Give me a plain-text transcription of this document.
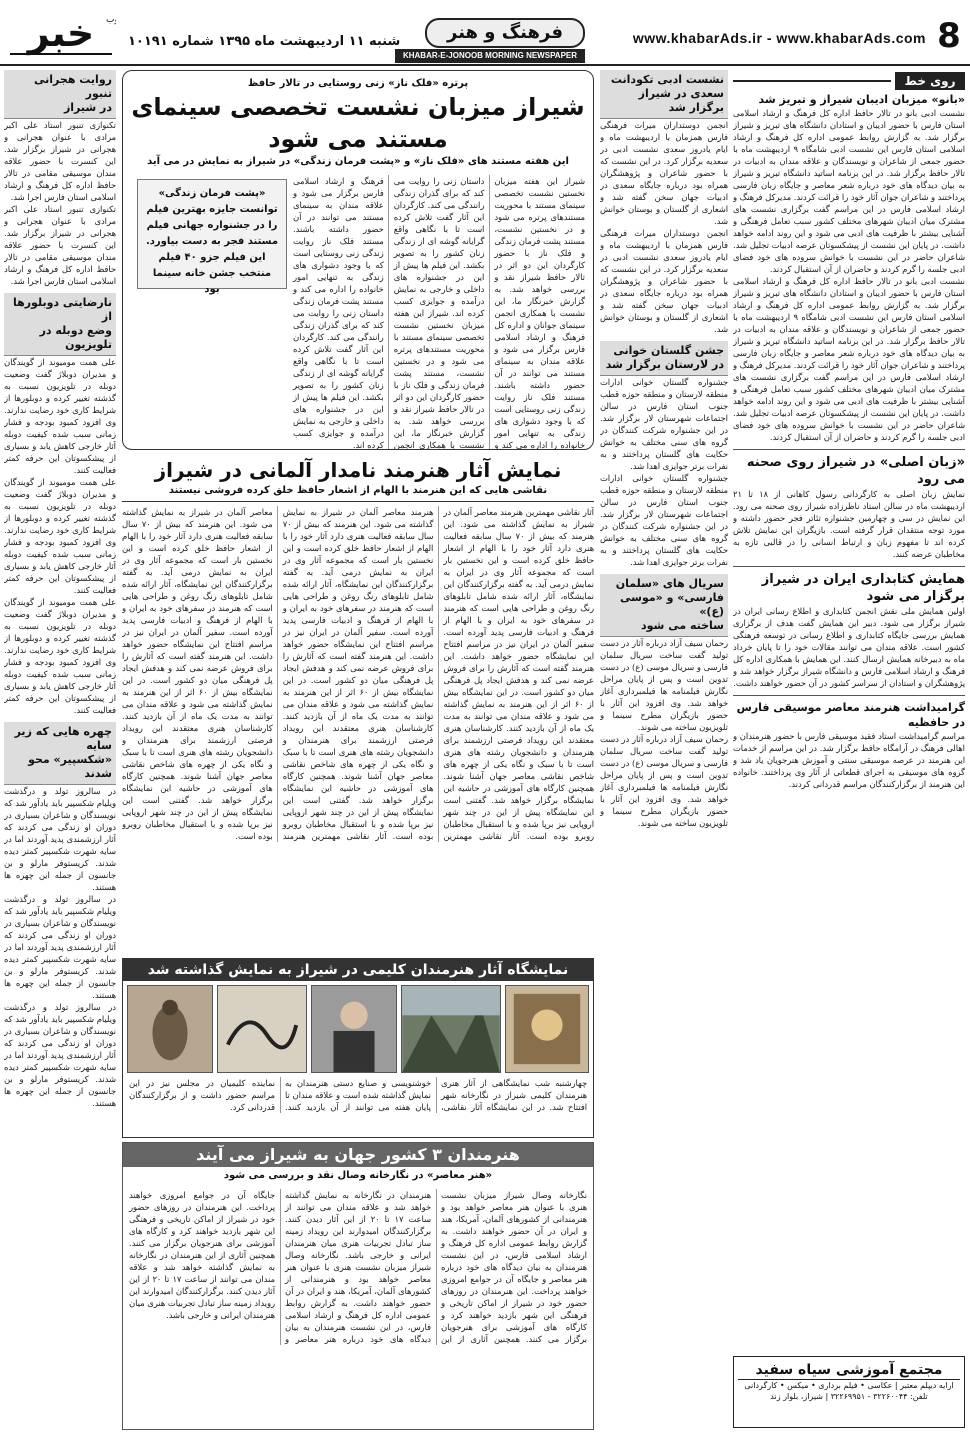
8
www.khabarAds.ir - www.khabarAds.com
فرهنگ و هنر
KHABAR-E-JONOOB MORNING NEWSPAPER
شنبه ۱۱ اردیبهشت ماه ۱۳۹۵ شماره ۱۰۱۹۱
خبر ب
روی خط
«بانو» میزبان ادیبان شیراز و تبریز شد
نشست ادبی بانو در تالار حافظ اداره کل فرهنگ و ارشاد اسلامی استان فارس با حضور ادیبان و استادان دانشگاه های تبریز و شیراز برگزار شد. به گزارش روابط عمومی اداره کل فرهنگ و ارشاد اسلامی استان فارس این نشست ادبی شامگاه ۹ اردیبهشت ماه با حضور جمعی از شاعران و نویسندگان و علاقه مندان به ادبیات در تالار حافظ برگزار شد. در این برنامه اساتید دانشگاه تبریز و شیراز به بیان دیدگاه های خود درباره شعر معاصر و جایگاه زبان فارسی پرداختند و شاعران جوان آثار خود را قرائت کردند. مدیرکل فرهنگ و ارشاد اسلامی فارس در این مراسم گفت برگزاری نشست های مشترک میان ادیبان شهرهای مختلف کشور سبب تعامل فرهنگی و آشنایی بیشتر با ظرفیت های ادبی می شود و این روند ادامه خواهد داشت. در پایان این نشست از پیشکسوتان عرصه ادبیات تجلیل شد. شاعران حاضر در این نشست با خوانش سروده های خود فضای ادبی جلسه را گرم کردند و حاضران از آن استقبال کردند.
نشست ادبی بانو در تالار حافظ اداره کل فرهنگ و ارشاد اسلامی استان فارس با حضور ادیبان و استادان دانشگاه های تبریز و شیراز برگزار شد. به گزارش روابط عمومی اداره کل فرهنگ و ارشاد اسلامی استان فارس این نشست ادبی شامگاه ۹ اردیبهشت ماه با حضور جمعی از شاعران و نویسندگان و علاقه مندان به ادبیات در تالار حافظ برگزار شد. در این برنامه اساتید دانشگاه تبریز و شیراز به بیان دیدگاه های خود درباره شعر معاصر و جایگاه زبان فارسی پرداختند و شاعران جوان آثار خود را قرائت کردند. مدیرکل فرهنگ و ارشاد اسلامی فارس در این مراسم گفت برگزاری نشست های مشترک میان ادیبان شهرهای مختلف کشور سبب تعامل فرهنگی و آشنایی بیشتر با ظرفیت های ادبی می شود و این روند ادامه خواهد داشت. در پایان این نشست از پیشکسوتان عرصه ادبیات تجلیل شد. شاعران حاضر در این نشست با خوانش سروده های خود فضای ادبی جلسه را گرم کردند و حاضران از آن استقبال کردند.
«زبان اصلی» در شیراز روی صحنه می رود
نمایش زبان اصلی به کارگردانی رسول کاهانی از ۱۸ تا ۲۱ اردیبهشت ماه در سالن استاد ناظرزاده شیراز روی صحنه می رود. این نمایش در سی و چهارمین جشنواره تئاتر فجر حضور داشته و مورد توجه منتقدان قرار گرفته است. بازیگران این نمایش تلاش کرده اند تا مفهوم زبان و ارتباط انسانی را در قالبی تازه به مخاطبان عرضه کنند.
همایش کتابداری ایران در شیراز برگزار می شود
اولین همایش ملی نقش انجمن کتابداری و اطلاع رسانی ایران در شیراز برگزار می شود. دبیر این همایش گفت هدف از برگزاری همایش بررسی جایگاه کتابداری و اطلاع رسانی در توسعه فرهنگی کشور است. علاقه مندان می توانند مقالات خود را تا پایان خرداد ماه به دبیرخانه همایش ارسال کنند. این همایش با همکاری اداره کل فرهنگ و ارشاد اسلامی فارس و دانشگاه شیراز برگزار خواهد شد و پژوهشگران و استادان از سراسر کشور در آن حضور خواهند داشت.
گرامیداشت هنرمند معاصر موسیقی فارس در حافظیه
مراسم گرامیداشت استاد فقید موسیقی فارس با حضور هنرمندان و اهالی فرهنگ در آرامگاه حافظ برگزار شد. در این مراسم از خدمات این هنرمند در عرصه موسیقی سنتی و آموزش هنرجویان یاد شد و گروه های موسیقی به اجرای قطعاتی از آثار وی پرداختند. خانواده این هنرمند از برگزارکنندگان مراسم قدردانی کردند.
نشست ادبی تکودانت
سعدی در شیراز برگزار شد
انجمن دوستداران میراث فرهنگی فارس همزمان با اردیبهشت ماه و ایام یادروز سعدی نشست ادبی در سعدیه برگزار کرد. در این نشست که با حضور شاعران و پژوهشگران همراه بود درباره جایگاه سعدی در ادبیات جهان سخن گفته شد و اشعاری از گلستان و بوستان خوانش شد.
انجمن دوستداران میراث فرهنگی فارس همزمان با اردیبهشت ماه و ایام یادروز سعدی نشست ادبی در سعدیه برگزار کرد. در این نشست که با حضور شاعران و پژوهشگران همراه بود درباره جایگاه سعدی در ادبیات جهان سخن گفته شد و اشعاری از گلستان و بوستان خوانش شد.
جشن گلستان خوانی
در لارستان برگزار شد
جشنواره گلستان خوانی ادارات منطقه لارستان و منطقه حوزه قطب جنوب استان فارس در سالن اجتماعات شهرستان لار برگزار شد. در این جشنواره شرکت کنندگان در گروه های سنی مختلف به خوانش حکایت های گلستان پرداختند و به نفرات برتر جوایزی اهدا شد.
جشنواره گلستان خوانی ادارات منطقه لارستان و منطقه حوزه قطب جنوب استان فارس در سالن اجتماعات شهرستان لار برگزار شد. در این جشنواره شرکت کنندگان در گروه های سنی مختلف به خوانش حکایت های گلستان پرداختند و به نفرات برتر جوایزی اهدا شد.
سریال های «سلمان
فارسی» و «موسی (ع)»
ساخته می شود
رحمان سیف آزاد درباره آثار در دست تولید گفت ساخت سریال سلمان فارسی و سریال موسی (ع) در دست تدوین است و پس از پایان مراحل نگارش فیلمنامه ها فیلمبرداری آغاز خواهد شد. وی افزود این آثار با حضور بازیگران مطرح سینما و تلویزیون ساخته می شوند.
رحمان سیف آزاد درباره آثار در دست تولید گفت ساخت سریال سلمان فارسی و سریال موسی (ع) در دست تدوین است و پس از پایان مراحل نگارش فیلمنامه ها فیلمبرداری آغاز خواهد شد. وی افزود این آثار با حضور بازیگران مطرح سینما و تلویزیون ساخته می شوند.
پرتره «فلک ناز» زنی روستایی در تالار حافظ
شیراز میزبان نشست تخصصی سینمای مستند می شود
این هفته مستند های «فلک ناز» و «پشت فرمان زندگی» در شیراز به نمایش در می آید
«پشت فرمان زندگی» توانست جایزه بهترین فیلم را در جشنواره جهانی فیلم مستند فجر به دست بیاورد. این فیلم جزو ۴۰ فیلم منتخب جشن خانه سینما بود
شیراز این هفته میزبان نخستین نشست تخصصی سینمای مستند با محوریت مستندهای پرتره می شود و در نخستین نشست، مستند پشت فرمان زندگی و فلک ناز با حضور کارگردان این دو اثر در تالار حافظ شیراز نقد و بررسی خواهد شد. به گزارش خبرنگار ما، این نشست با همکاری انجمن سینمای جوانان و اداره کل فرهنگ و ارشاد اسلامی فارس برگزار می شود و علاقه مندان به سینمای مستند می توانند در آن حضور داشته باشند. مستند فلک ناز روایت زندگی زنی روستایی است که با وجود دشواری های زندگی به تنهایی امور خانواده را اداره می کند و داستان زنی را روایت می کند که برای گذران زندگی رانندگی می کند. کارگردان این آثار گفت تلاش کرده است تا با نگاهی واقع گرایانه گوشه ای از زندگی زنان کشور را به تصویر بکشد. این فیلم ها پیش از این در جشنواره های داخلی و خارجی به نمایش درآمده و جوایزی کسب کرده اند. شیراز این هفته میزبان نخستین نشست تخصصی سینمای مستند با محوریت مستندهای پرتره می شود و در نخستین نشست، مستند پشت فرمان زندگی و فلک ناز با حضور کارگردان این دو اثر در تالار حافظ شیراز نقد و بررسی خواهد شد. به گزارش خبرنگار ما، این نشست با همکاری انجمن فرهنگ و ارشاد اسلامی فارس برگزار می شود و علاقه مندان به سینمای مستند می توانند در آن حضور داشته باشند. مستند فلک ناز روایت زندگی زنی روستایی است که با وجود دشواری های زندگی به تنهایی امور خانواده را اداره می کند و مستند پشت فرمان زندگی داستان زنی را روایت می کند که برای گذران زندگی رانندگی می کند. کارگردان این آثار گفت تلاش کرده است تا با نگاهی واقع گرایانه گوشه ای از زندگی زنان کشور را به تصویر بکشد. این فیلم ها پیش از این در جشنواره های داخلی و خارجی به نمایش درآمده و جوایزی کسب کرده اند.
نمایش آثار هنرمند نامدار آلمانی در شیراز
نقاشی هایی که این هنرمند با الهام از اشعار حافظ خلق کرده فروشی نیستند
آثار نقاشی مهمترین هنرمند معاصر آلمان در شیراز به نمایش گذاشته می شود. این هنرمند که بیش از ۷۰ سال سابقه فعالیت هنری دارد آثار خود را با الهام از اشعار حافظ خلق کرده است و این نخستین بار است که مجموعه آثار وی در ایران به نمایش درمی آید. به گفته برگزارکنندگان این نمایشگاه، آثار ارائه شده شامل تابلوهای رنگ روغن و طراحی هایی است که هنرمند در سفرهای خود به ایران و با الهام از فرهنگ و ادبیات فارسی پدید آورده است. سفیر آلمان در ایران نیز در مراسم افتتاح این نمایشگاه حضور خواهد داشت. این هنرمند گفته است که آثارش را برای فروش عرضه نمی کند و هدفش ایجاد پل فرهنگی میان دو کشور است. در این نمایشگاه بیش از ۶۰ اثر از این هنرمند به نمایش گذاشته می شود و علاقه مندان می توانند به مدت یک ماه از آن بازدید کنند. کارشناسان هنری معتقدند این رویداد فرصتی ارزشمند برای هنرمندان و دانشجویان رشته های هنری است تا با سبک و نگاه یکی از چهره های شاخص نقاشی معاصر جهان آشنا شوند. همچنین کارگاه های آموزشی در حاشیه این نمایشگاه برگزار خواهد شد. گفتنی است این نمایشگاه پیش از این در چند شهر اروپایی نیز برپا شده و با استقبال مخاطبان روبرو بوده است. آثار نقاشی مهمترین هنرمند معاصر آلمان در شیراز به نمایش گذاشته می شود. این هنرمند که بیش از ۷۰ سال سابقه فعالیت هنری دارد آثار خود را با الهام از اشعار حافظ خلق کرده است و این نخستین بار است که مجموعه آثار وی در ایران به نمایش درمی آید. به گفته برگزارکنندگان این نمایشگاه، آثار ارائه شده شامل تابلوهای رنگ روغن و طراحی هایی است که هنرمند در سفرهای خود به ایران و با الهام از فرهنگ و ادبیات فارسی پدید آورده است. سفیر آلمان در ایران نیز در مراسم افتتاح این نمایشگاه حضور خواهد داشت. این هنرمند گفته است که آثارش را برای فروش عرضه نمی کند و هدفش ایجاد پل فرهنگی میان دو کشور است. در این نمایشگاه بیش از ۶۰ اثر از این هنرمند به نمایش گذاشته می شود و علاقه مندان می توانند به مدت یک ماه از آن بازدید کنند. کارشناسان هنری معتقدند این رویداد فرصتی ارزشمند برای هنرمندان و دانشجویان رشته های هنری است تا با سبک و نگاه یکی از چهره های شاخص نقاشی معاصر جهان آشنا شوند. همچنین کارگاه های آموزشی در حاشیه این نمایشگاه برگزار خواهد شد. گفتنی است این نمایشگاه پیش از این در چند شهر اروپایی نیز برپا شده و با استقبال مخاطبان روبرو بوده است. آثار نقاشی مهمترین هنرمند معاصر آلمان در شیراز به نمایش گذاشته می شود. این هنرمند که بیش از ۷۰ سال سابقه فعالیت هنری دارد آثار خود را با الهام از اشعار حافظ خلق کرده است و این نخستین بار است که مجموعه آثار وی در ایران به نمایش درمی آید. به گفته برگزارکنندگان این نمایشگاه، آثار ارائه شده شامل تابلوهای رنگ روغن و طراحی هایی است که هنرمند در سفرهای خود به ایران و با الهام از فرهنگ و ادبیات فارسی پدید آورده است. سفیر آلمان در ایران نیز در مراسم افتتاح این نمایشگاه حضور خواهد داشت. این هنرمند گفته است که آثارش را برای فروش عرضه نمی کند و هدفش ایجاد پل فرهنگی میان دو کشور است. در این نمایشگاه بیش از ۶۰ اثر از این هنرمند به نمایش گذاشته می شود و علاقه مندان می توانند به مدت یک ماه از آن بازدید کنند. کارشناسان هنری معتقدند این رویداد فرصتی ارزشمند برای هنرمندان و دانشجویان رشته های هنری است تا با سبک و نگاه یکی از چهره های شاخص نقاشی معاصر جهان آشنا شوند. همچنین کارگاه های آموزشی در حاشیه این نمایشگاه برگزار خواهد شد. گفتنی است این نمایشگاه پیش از این در چند شهر اروپایی نیز برپا شده و با استقبال مخاطبان روبرو بوده است.
نمایشگاه آثار هنرمندان کلیمی در شیراز به نمایش گذاشته شد
چهارشنبه شب نمایشگاهی از آثار هنری هنرمندان کلیمی شیراز در نگارخانه شهر افتتاح شد. در این نمایشگاه آثار نقاشی، خوشنویسی و صنایع دستی هنرمندان به نمایش گذاشته شده است و علاقه مندان تا پایان هفته می توانند از آن بازدید کنند. نماینده کلیمیان در مجلس نیز در این مراسم حضور داشت و از برگزارکنندگان قدردانی کرد.
هنرمندان ۳ کشور جهان به شیراز می آیند
«هنر معاصر» در نگارخانه وصال نقد و بررسی می شود
نگارخانه وصال شیراز میزبان نشست هنری با عنوان هنر معاصر خواهد بود و هنرمندانی از کشورهای آلمان، آمریکا، هند و ایران در آن حضور خواهند داشت. به گزارش روابط عمومی اداره کل فرهنگ و ارشاد اسلامی فارس، در این نشست هنرمندان به بیان دیدگاه های خود درباره هنر معاصر و جایگاه آن در جوامع امروزی خواهند پرداخت. این هنرمندان در روزهای حضور خود در شیراز از اماکن تاریخی و فرهنگی این شهر بازدید خواهند کرد و کارگاه های آموزشی برای هنرجویان برگزار می کنند. همچنین آثاری از این هنرمندان در نگارخانه به نمایش گذاشته خواهد شد و علاقه مندان می توانند از ساعت ۱۷ تا ۲۰ از این آثار دیدن کنند. برگزارکنندگان امیدوارند این رویداد زمینه ساز تبادل تجربیات هنری میان هنرمندان ایرانی و خارجی باشد. نگارخانه وصال شیراز میزبان نشست هنری با عنوان هنر معاصر خواهد بود و هنرمندانی از کشورهای آلمان، آمریکا، هند و ایران در آن حضور خواهند داشت. به گزارش روابط عمومی اداره کل فرهنگ و ارشاد اسلامی فارس، در این نشست هنرمندان به بیان دیدگاه های خود درباره هنر معاصر و جایگاه آن در جوامع امروزی خواهند پرداخت. این هنرمندان در روزهای حضور خود در شیراز از اماکن تاریخی و فرهنگی این شهر بازدید خواهند کرد و کارگاه های آموزشی برای هنرجویان برگزار می کنند. همچنین آثاری از این هنرمندان در نگارخانه به نمایش گذاشته خواهد شد و علاقه مندان می توانند از ساعت ۱۷ تا ۲۰ از این آثار دیدن کنند. برگزارکنندگان امیدوارند این رویداد زمینه ساز تبادل تجربیات هنری میان هنرمندان ایرانی و خارجی باشد.
روایت هجرانی تنبور
در شیراز
تکنوازی تنبور استاد علی اکبر مرادی با عنوان هجرانی و هجرانی در شیراز برگزار شد. این کنسرت با حضور علاقه مندان موسیقی مقامی در تالار حافظ اداره کل فرهنگ و ارشاد اسلامی استان فارس اجرا شد.
تکنوازی تنبور استاد علی اکبر مرادی با عنوان هجرانی و هجرانی در شیراز برگزار شد. این کنسرت با حضور علاقه مندان موسیقی مقامی در تالار حافظ اداره کل فرهنگ و ارشاد اسلامی استان فارس اجرا شد.
نارضایتی دوبلورها از
وضع دوبله در تلویزیون
علی همت مومیوند از گویندگان و مدیران دوبلاژ گفت وضعیت دوبله در تلویزیون نسبت به گذشته تغییر کرده و دوبلورها از شرایط کاری خود رضایت ندارند. وی افزود کمبود بودجه و فشار زمانی سبب شده کیفیت دوبله آثار خارجی کاهش یابد و بسیاری از پیشکسوتان این حرفه کمتر فعالیت کنند.
علی همت مومیوند از گویندگان و مدیران دوبلاژ گفت وضعیت دوبله در تلویزیون نسبت به گذشته تغییر کرده و دوبلورها از شرایط کاری خود رضایت ندارند. وی افزود کمبود بودجه و فشار زمانی سبب شده کیفیت دوبله آثار خارجی کاهش یابد و بسیاری از پیشکسوتان این حرفه کمتر فعالیت کنند.
علی همت مومیوند از گویندگان و مدیران دوبلاژ گفت وضعیت دوبله در تلویزیون نسبت به گذشته تغییر کرده و دوبلورها از شرایط کاری خود رضایت ندارند. وی افزود کمبود بودجه و فشار زمانی سبب شده کیفیت دوبله آثار خارجی کاهش یابد و بسیاری از پیشکسوتان این حرفه کمتر فعالیت کنند.
چهره هایی که زیر سایه
«شکسپیر» محو شدند
در سالروز تولد و درگذشت ویلیام شکسپیر باید یادآور شد که نویسندگان و شاعران بسیاری در دوران او زندگی می کردند که آثار ارزشمندی پدید آوردند اما در سایه شهرت شکسپیر کمتر دیده شدند. کریستوفر مارلو و بن جانسون از جمله این چهره ها هستند.
در سالروز تولد و درگذشت ویلیام شکسپیر باید یادآور شد که نویسندگان و شاعران بسیاری در دوران او زندگی می کردند که آثار ارزشمندی پدید آوردند اما در سایه شهرت شکسپیر کمتر دیده شدند. کریستوفر مارلو و بن جانسون از جمله این چهره ها هستند.
در سالروز تولد و درگذشت ویلیام شکسپیر باید یادآور شد که نویسندگان و شاعران بسیاری در دوران او زندگی می کردند که آثار ارزشمندی پدید آوردند اما در سایه شهرت شکسپیر کمتر دیده شدند. کریستوفر مارلو و بن جانسون از جمله این چهره ها هستند.
مجتمع آموزشی سیاه سفید
ارایه دیپلم معتبر | عکاسی • فیلم برداری • میکس • کارگردانی
تلفن: ۳۲۲۶۰۰۴۴ - ۳۲۲۶۹۹۵۱ | شیراز، بلوار زند
